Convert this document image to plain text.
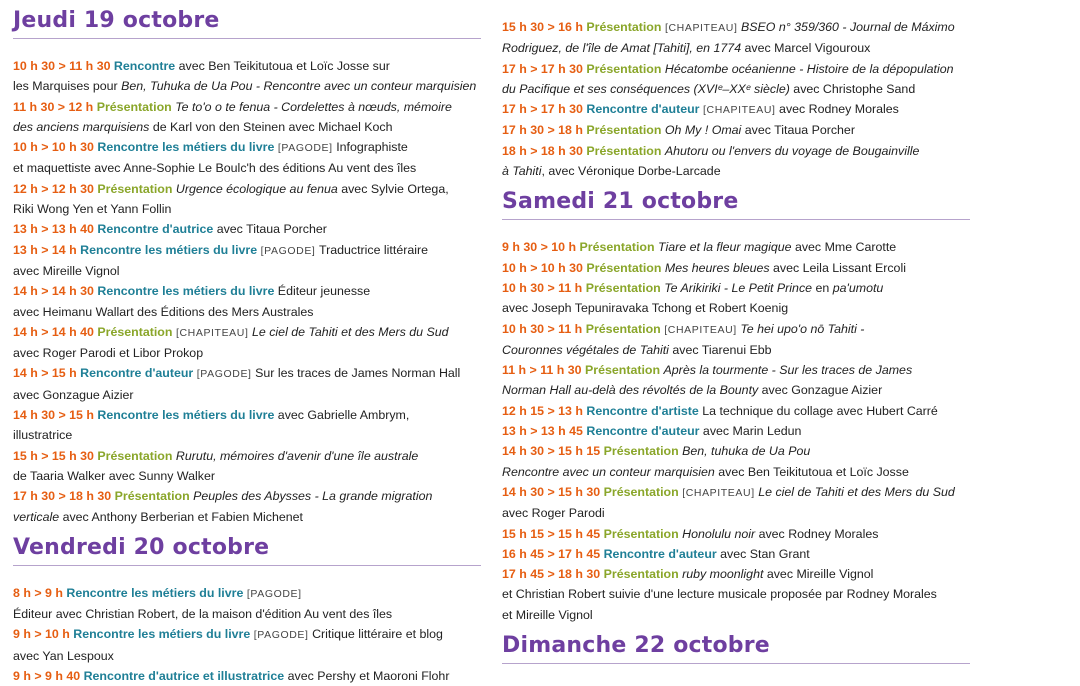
Jeudi 19 octobre
10 h 30 > 11 h 30 Rencontre avec Ben Teikitutoua et Loïc Josse sur
les Marquises pour Ben, Tuhuka de Ua Pou - Rencontre avec un conteur marquisien
11 h 30 > 12 h Présentation Te to'o o te fenua - Cordelettes à nœuds, mémoire
des anciens marquisiens de Karl von den Steinen avec Michael Koch
10 h > 10 h 30 Rencontre les métiers du livre [PAGODE] Infographiste
et maquettiste avec Anne-Sophie Le Boulc'h des éditions Au vent des îles
12 h > 12 h 30 Présentation Urgence écologique au fenua avec Sylvie Ortega,
Riki Wong Yen et Yann Follin
13 h > 13 h 40 Rencontre d'autrice avec Titaua Porcher
13 h > 14 h Rencontre les métiers du livre [PAGODE] Traductrice littéraire
avec Mireille Vignol
14 h > 14 h 30 Rencontre les métiers du livre Éditeur jeunesse
avec Heimanu Wallart des Éditions des Mers Australes
14 h > 14 h 40 Présentation [CHAPITEAU] Le ciel de Tahiti et des Mers du Sud
avec Roger Parodi et Libor Prokop
14 h > 15 h Rencontre d'auteur [PAGODE] Sur les traces de James Norman Hall
avec Gonzague Aizier
14 h 30 > 15 h Rencontre les métiers du livre avec Gabrielle Ambrym,
illustratrice
15 h > 15 h 30 Présentation Rurutu, mémoires d'avenir d'une île australe
de Taaria Walker avec Sunny Walker
17 h 30 > 18 h 30 Présentation Peuples des Abysses - La grande migration
verticale avec Anthony Berberian et Fabien Michenet
Vendredi 20 octobre
8 h > 9 h Rencontre les métiers du livre [PAGODE]
Éditeur avec Christian Robert, de la maison d'édition Au vent des îles
9 h > 10 h Rencontre les métiers du livre [PAGODE] Critique littéraire et blog
avec Yan Lespoux
9 h > 9 h 40 Rencontre d'autrice et illustratrice avec Pershy et Maoroni Flohr
15 h 30 > 16 h Présentation [CHAPITEAU] BSEO n° 359/360 - Journal de Máximo
Rodriguez, de l'île de Amat [Tahiti], en 1774 avec Marcel Vigouroux
17 h > 17 h 30 Présentation Hécatombe océanienne - Histoire de la dépopulation
du Pacifique et ses conséquences (XVIᵉ–XXᵉ siècle) avec Christophe Sand
17 h > 17 h 30 Rencontre d'auteur [CHAPITEAU] avec Rodney Morales
17 h 30 > 18 h Présentation Oh My ! Omai avec Titaua Porcher
18 h > 18 h 30 Présentation Ahutoru ou l'envers du voyage de Bougainville
à Tahiti, avec Véronique Dorbe-Larcade
Samedi 21 octobre
9 h 30 > 10 h Présentation Tiare et la fleur magique avec Mme Carotte
10 h > 10 h 30 Présentation Mes heures bleues avec Leila Lissant Ercoli
10 h 30 > 11 h Présentation Te Arikiriki - Le Petit Prince en pa'umotu
avec Joseph Tepuniravaka Tchong et Robert Koenig
10 h 30 > 11 h Présentation [CHAPITEAU] Te hei upo'o nō Tahiti -
Couronnes végétales de Tahiti avec Tiarenui Ebb
11 h > 11 h 30 Présentation Après la tourmente - Sur les traces de James
Norman Hall au-delà des révoltés de la Bounty avec Gonzague Aizier
12 h 15 > 13 h Rencontre d'artiste La technique du collage avec Hubert Carré
13 h > 13 h 45 Rencontre d'auteur avec Marin Ledun
14 h 30 > 15 h 15 Présentation Ben, tuhuka de Ua Pou
Rencontre avec un conteur marquisien avec Ben Teikitutoua et Loïc Josse
14 h 30 > 15 h 30 Présentation [CHAPITEAU] Le ciel de Tahiti et des Mers du Sud
avec Roger Parodi
15 h 15 > 15 h 45 Présentation Honolulu noir avec Rodney Morales
16 h 45 > 17 h 45 Rencontre d'auteur avec Stan Grant
17 h 45 > 18 h 30 Présentation ruby moonlight avec Mireille Vignol
et Christian Robert suivie d'une lecture musicale proposée par Rodney Morales
et Mireille Vignol
Dimanche 22 octobre
